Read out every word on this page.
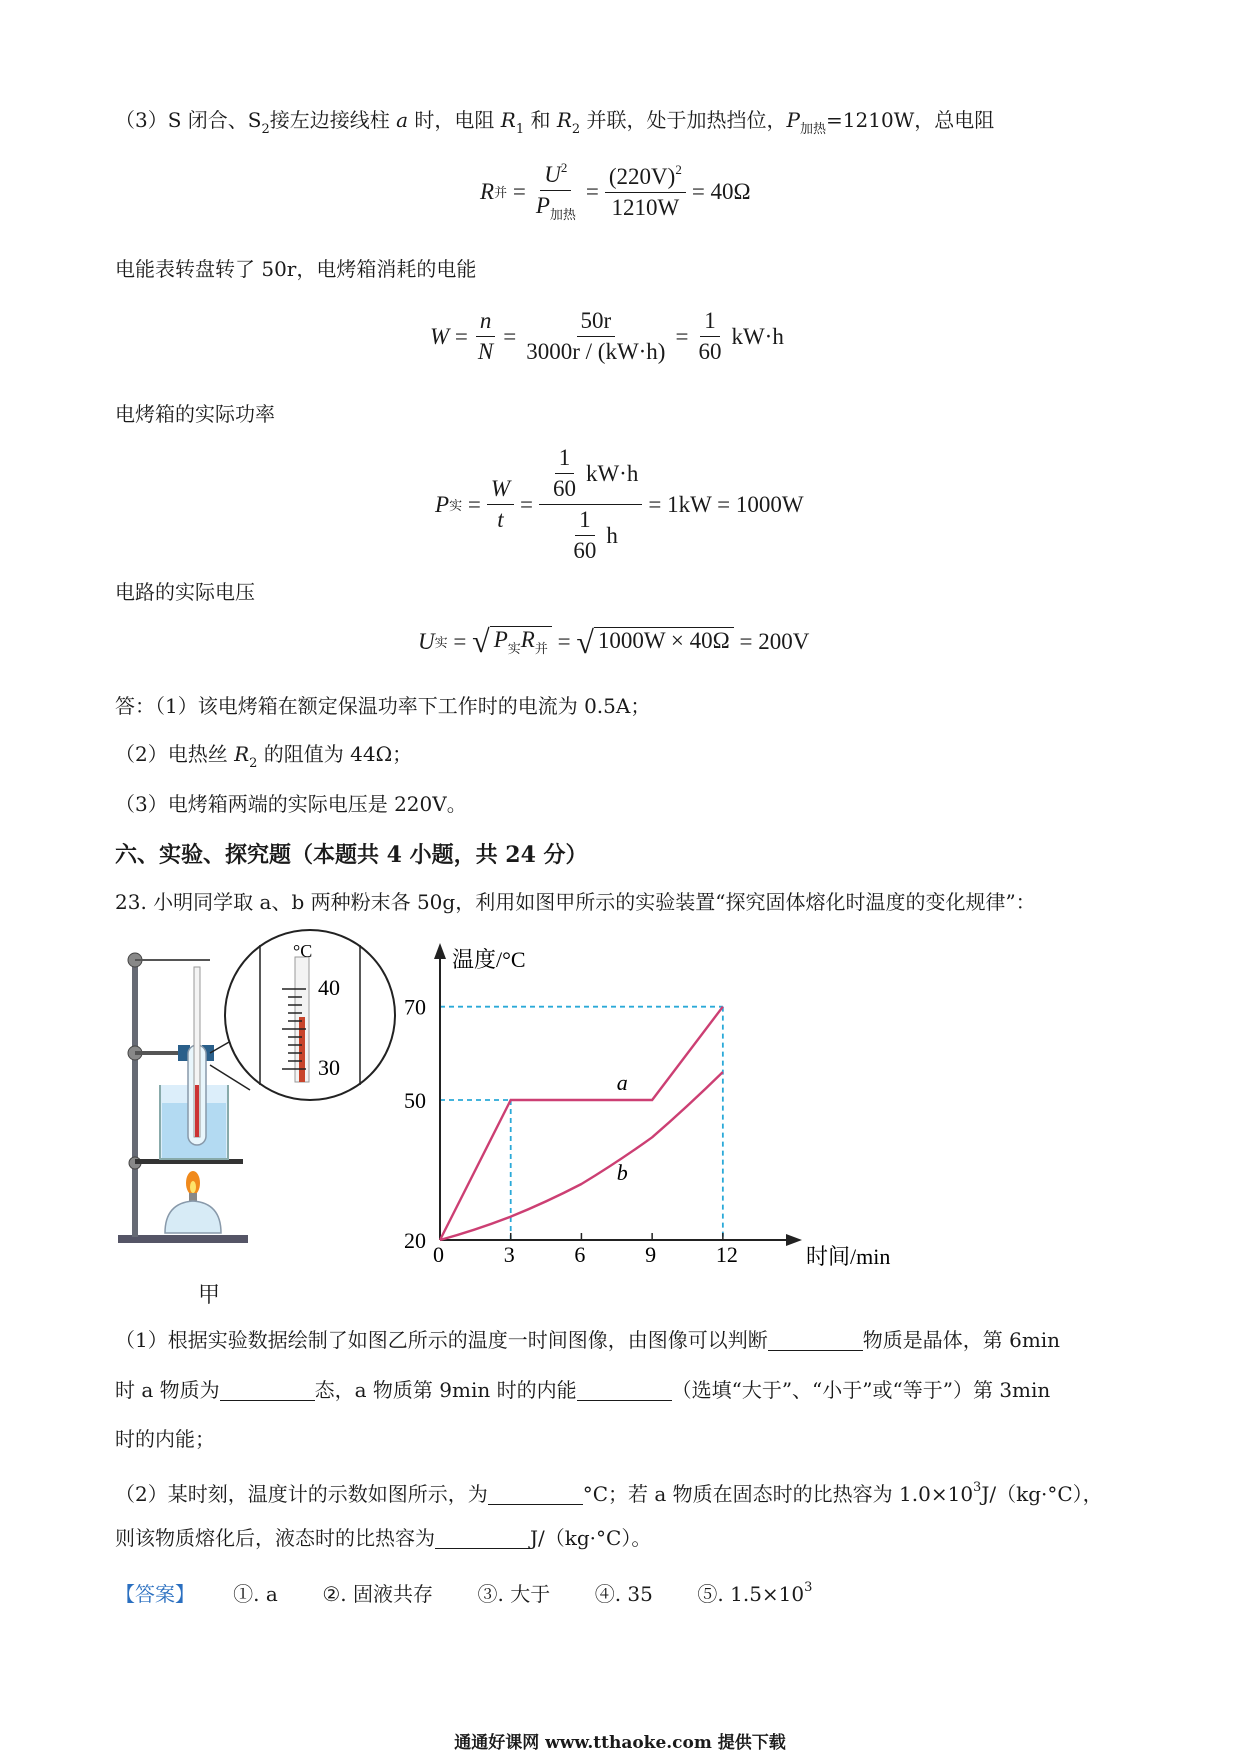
（3）S 闭合、$S_2$接左边接线柱 a 时，电阻 $R_1$ 和 $R_2$ 并联，处于加热挡位，$P_{加热}=1210W$，总电阻
R 并 = $\frac{U^2}{P_{加热}} = \frac{(220V)^2}{1210W} = 40\Omega$
电能表转盘转了 50r，电烤箱消耗的电能
$W = \frac{n}{N} = \frac{50r}{3000r / (kW\cdot h)} = \frac{1}{60} kW\cdot h$
电烤箱的实际功率
P 实 = $\frac{W}{t} = \frac{\frac{1}{60} kW\cdot h}{\frac{1}{60} h} = 1kW = 1000W$
电路的实际电压
U 实 = √ $P_实R_并$ = √ 1000W × 40Ω
= 200V
答：（1）该电烤箱在额定保温功率下工作时的电流为 0.5A；
（2）电热丝 $R_2$ 的阻值为 44Ω；
（3）电烤箱两端的实际电压是 220V。
六、实验、探究题（本题共 4 小题，共 24 分）
23. 小明同学取 a、b 两种粉末各 50g，利用如图甲所示的实验装置“探究固体熔化时温度的变化规律”：
°C
40
30
甲
0	3	6	9	12
20
50
70
温度/°C
时间/min
a
b
（1）根据实验数据绘制了如图乙所示的温度一时间图像，由图像可以判断	物质是晶体，第 6min
时 a 物质为	态，a 物质第 9min 时的内能	（选填“大于”、“小于”或“等于”）第 3min
时的内能；
（2）某时刻，温度计的示数如图所示，为	°C；若 a 物质在固态时的比热容为 $1.0\times 10^3J/(kg\cdot^\circ C)$，
则该物质熔化后，液态时的比热容为	J/（kg·°C）。
【答案】 ①. a ②. 固液共存 ③. 大于 ④. 35 ⑤. $1.5\times 10^3$
通通好课网 www.tthaoke.com 提供下载
